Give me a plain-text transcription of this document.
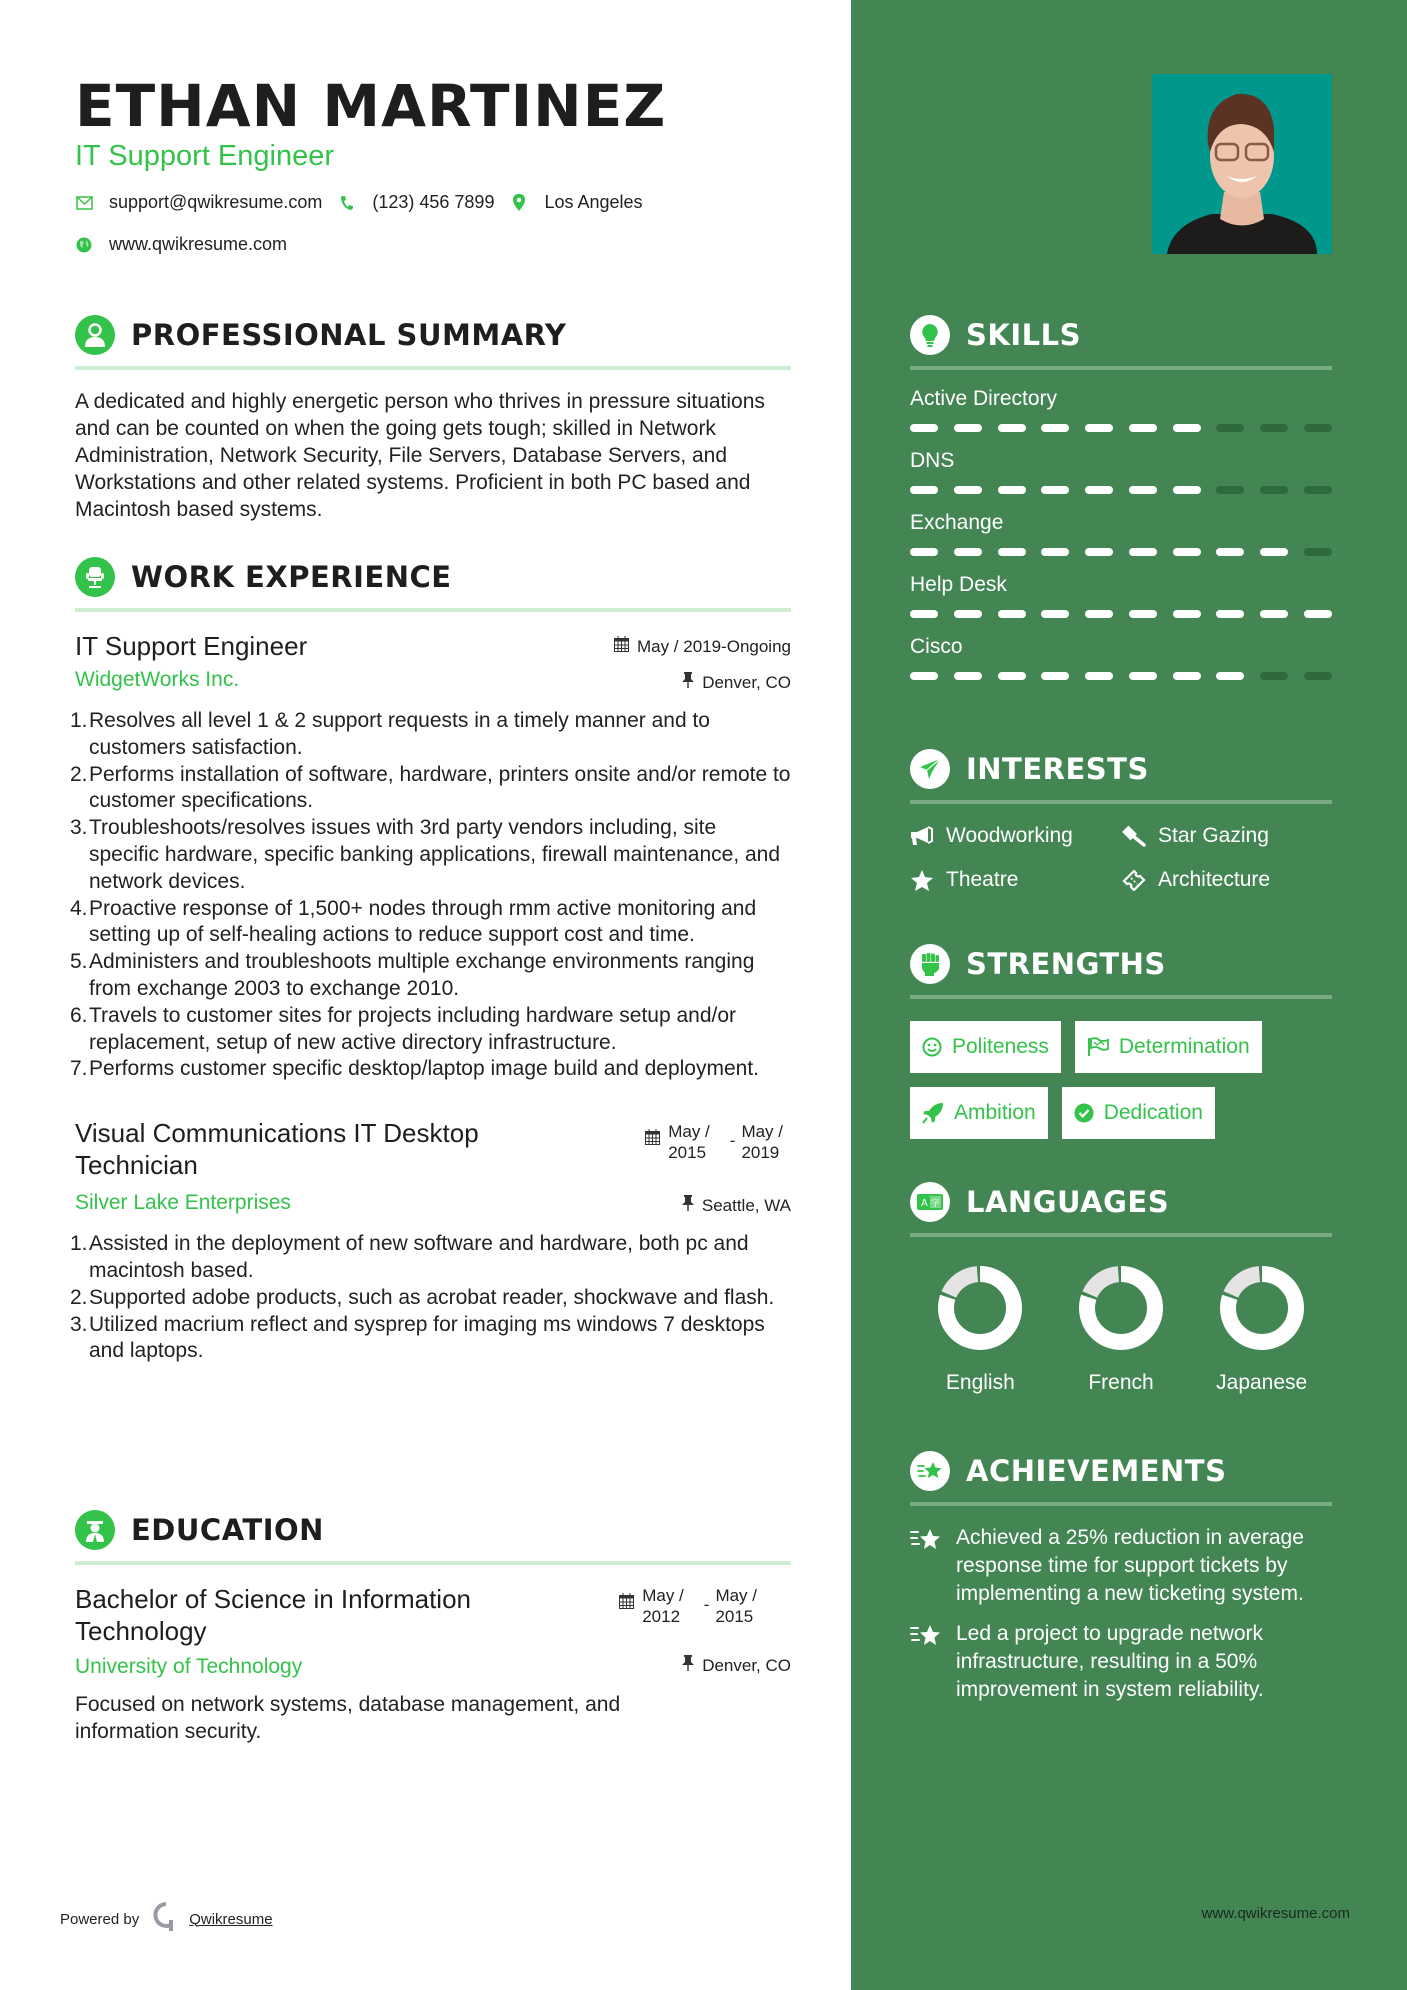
ETHAN MARTINEZ
IT Support Engineer
support@qwikresume.com	(123) 456 7899	Los Angeles
www.qwikresume.com
PROFESSIONAL SUMMARY

A dedicated and highly energetic person who thrives in pressure situations and can be counted on when the going gets tough; skilled in Network Administration, Network Security, File Servers, Database Servers, and Workstations and other related systems. Proficient in both PC based and Macintosh based systems.

WORK EXPERIENCE
IT Support Engineer
WidgetWorks Inc.
May / 2019-Ongoing
Denver, CO
1. Resolves all level 1 & 2 support requests in a timely manner and to customers satisfaction.
2. Performs installation of software, hardware, printers onsite and/or remote to customer specifications.
3. Troubleshoots/resolves issues with 3rd party vendors including, site specific hardware, specific banking applications, firewall maintenance, and network devices.
4. Proactive response of 1,500+ nodes through rmm active monitoring and setting up of self-healing actions to reduce support cost and time.
5. Administers and troubleshoots multiple exchange environments ranging from exchange 2003 to exchange 2010.
6. Travels to customer sites for projects including hardware setup and/or replacement, setup of new active directory infrastructure.
7. Performs customer specific desktop/laptop image build and deployment.
Visual Communications IT Desktop Technician
Silver Lake Enterprises
May /
2015
- May /
2019
Seattle, WA
1. Assisted in the deployment of new software and hardware, both pc and macintosh based.
2. Supported adobe products, such as acrobat reader, shockwave and flash.
3. Utilized macrium reflect and sysprep for imaging ms windows 7 desktops and laptops.
EDUCATION
Bachelor of Science in Information Technology
University of Technology
May /
2012
- May /
2015
Denver, CO

Focused on network systems, database management, and information security.

Powered by	Qwikresume	www.qwikresume.com
SKILLS
Active Directory
DNS
Exchange
Help Desk
Cisco
INTERESTS
Woodworking	Star Gazing
Theatre	Architecture
STRENGTHS
Politeness	Determination
Ambition	Dedication
A 字 LANGUAGES
English	French	Japanese
ACHIEVEMENTS
Achieved a 25% reduction in average response time for support tickets by implementing a new ticketing system.
Led a project to upgrade network infrastructure, resulting in a 50% improvement in system reliability.
